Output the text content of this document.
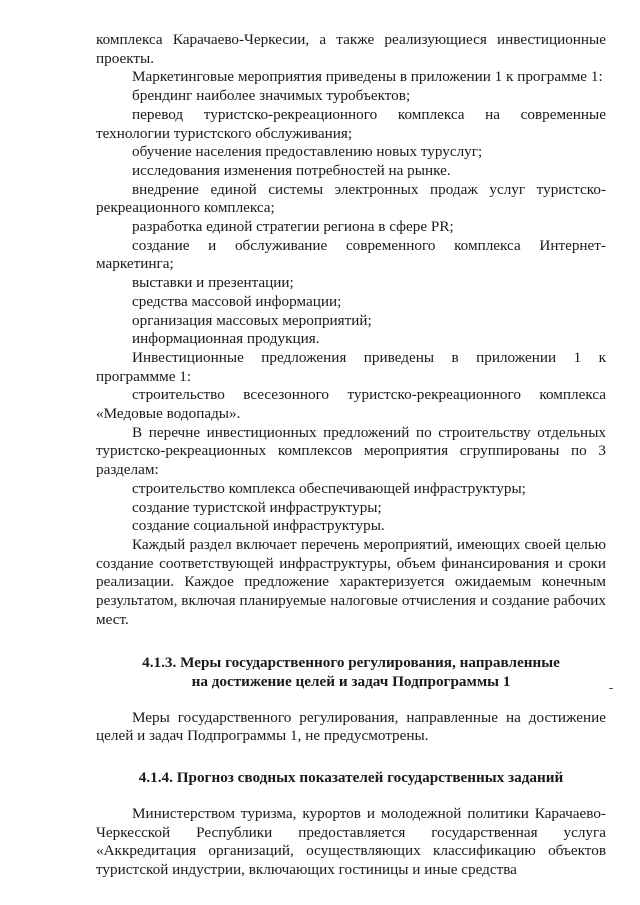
комплекса Карачаево-Черкесии, а также реализующиеся инвестиционные проекты.

Маркетинговые мероприятия приведены в приложении 1 к программе 1:

брендинг наиболее значимых туробъектов;

перевод туристско-рекреационного комплекса на современные технологии туристского обслуживания;

обучение населения предоставлению новых туруслуг;

исследования изменения потребностей на рынке.

внедрение единой системы электронных продаж услуг туристско-рекреационного комплекса;

разработка единой стратегии региона в сфере PR;

создание и обслуживание современного комплекса Интернет-маркетинга;

выставки и презентации;

средства массовой информации;

организация массовых мероприятий;

информационная продукция.

Инвестиционные предложения приведены в приложении 1 к программме 1:

строительство всесезонного туристско-рекреационного комплекса «Медовые водопады».

В перечне инвестиционных предложений по строительству отдельных туристско-рекреационных комплексов мероприятия сгруппированы по 3 разделам:

строительство комплекса обеспечивающей инфраструктуры;

создание туристской инфраструктуры;

создание социальной инфраструктуры.

Каждый раздел включает перечень мероприятий, имеющих своей целью создание соответствующей инфраструктуры, объем финансирования и сроки реализации. Каждое предложение характеризуется ожидаемым конечным результатом, включая планируемые налоговые отчисления и создание рабочих мест.

4.1.3. Меры государственного регулирования, направленные
на достижение целей и задач Подпрограммы 1

Меры государственного регулирования, направленные на достижение целей и задач Подпрограммы 1, не предусмотрены.

4.1.4. Прогноз сводных показателей государственных заданий

Министерством туризма, курортов и молодежной политики Карачаево-Черкесской Республики предоставляется государственная услуга «Аккредитация организаций, осуществляющих классификацию объектов туристской индустрии, включающих гостиницы и иные средства
